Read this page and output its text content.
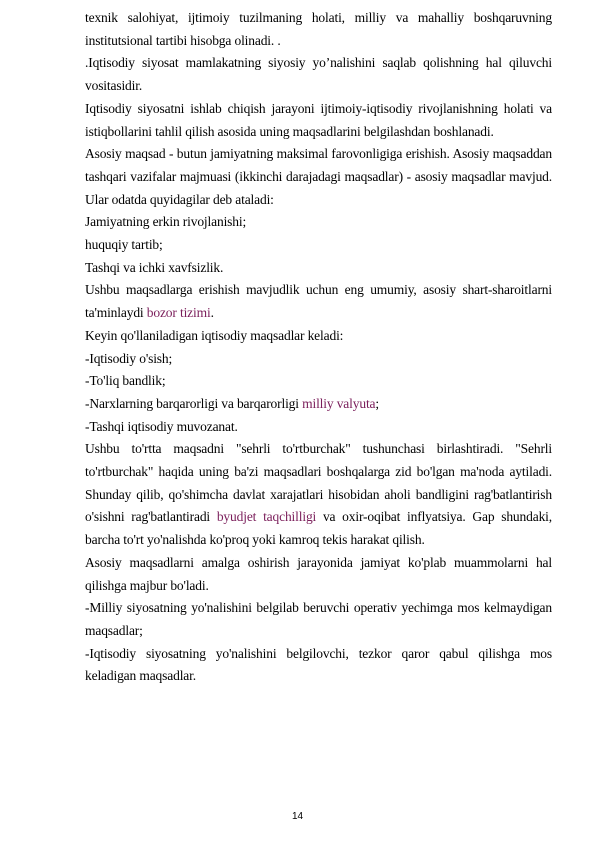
texnik salohiyat, ijtimoiy tuzilmaning holati, milliy va mahalliy boshqaruvning institutsional tartibi hisobga olinadi. .

.Iqtisodiy siyosat mamlakatning siyosiy yo’nalishini saqlab qolishning hal qiluvchi vositasidir.

Iqtisodiy siyosatni ishlab chiqish jarayoni ijtimoiy-iqtisodiy rivojlanishning holati va istiqbollarini tahlil qilish asosida uning maqsadlarini belgilashdan boshlanadi.

Asosiy maqsad - butun jamiyatning maksimal farovonligiga erishish. Asosiy maqsaddan tashqari vazifalar majmuasi (ikkinchi darajadagi maqsadlar) - asosiy maqsadlar mavjud. Ular odatda quyidagilar deb ataladi:

Jamiyatning erkin rivojlanishi;

huquqiy tartib;

Tashqi va ichki xavfsizlik.

Ushbu maqsadlarga erishish mavjudlik uchun eng umumiy, asosiy shart-sharoitlarni ta'minlaydi bozor tizimi.

Keyin qo'llaniladigan iqtisodiy maqsadlar keladi:

-Iqtisodiy o'sish;

-To'liq bandlik;

-Narxlarning barqarorligi va barqarorligi milliy valyuta;

-Tashqi iqtisodiy muvozanat.

Ushbu to'rtta maqsadni "sehrli to'rtburchak" tushunchasi birlashtiradi. "Sehrli to'rtburchak" haqida uning ba'zi maqsadlari boshqalarga zid bo'lgan ma'noda aytiladi. Shunday qilib, qo'shimcha davlat xarajatlari hisobidan aholi bandligini rag'batlantirish o'sishni rag'batlantiradi byudjet taqchilligi va oxir-oqibat inflyatsiya. Gap shundaki, barcha to'rt yo'nalishda ko'proq yoki kamroq tekis harakat qilish.

Asosiy maqsadlarni amalga oshirish jarayonida jamiyat ko'plab muammolarni hal qilishga majbur bo'ladi.

-Milliy siyosatning yo'nalishini belgilab beruvchi operativ yechimga mos kelmaydigan maqsadlar;

-Iqtisodiy siyosatning yo'nalishini belgilovchi, tezkor qaror qabul qilishga mos keladigan maqsadlar.

14
